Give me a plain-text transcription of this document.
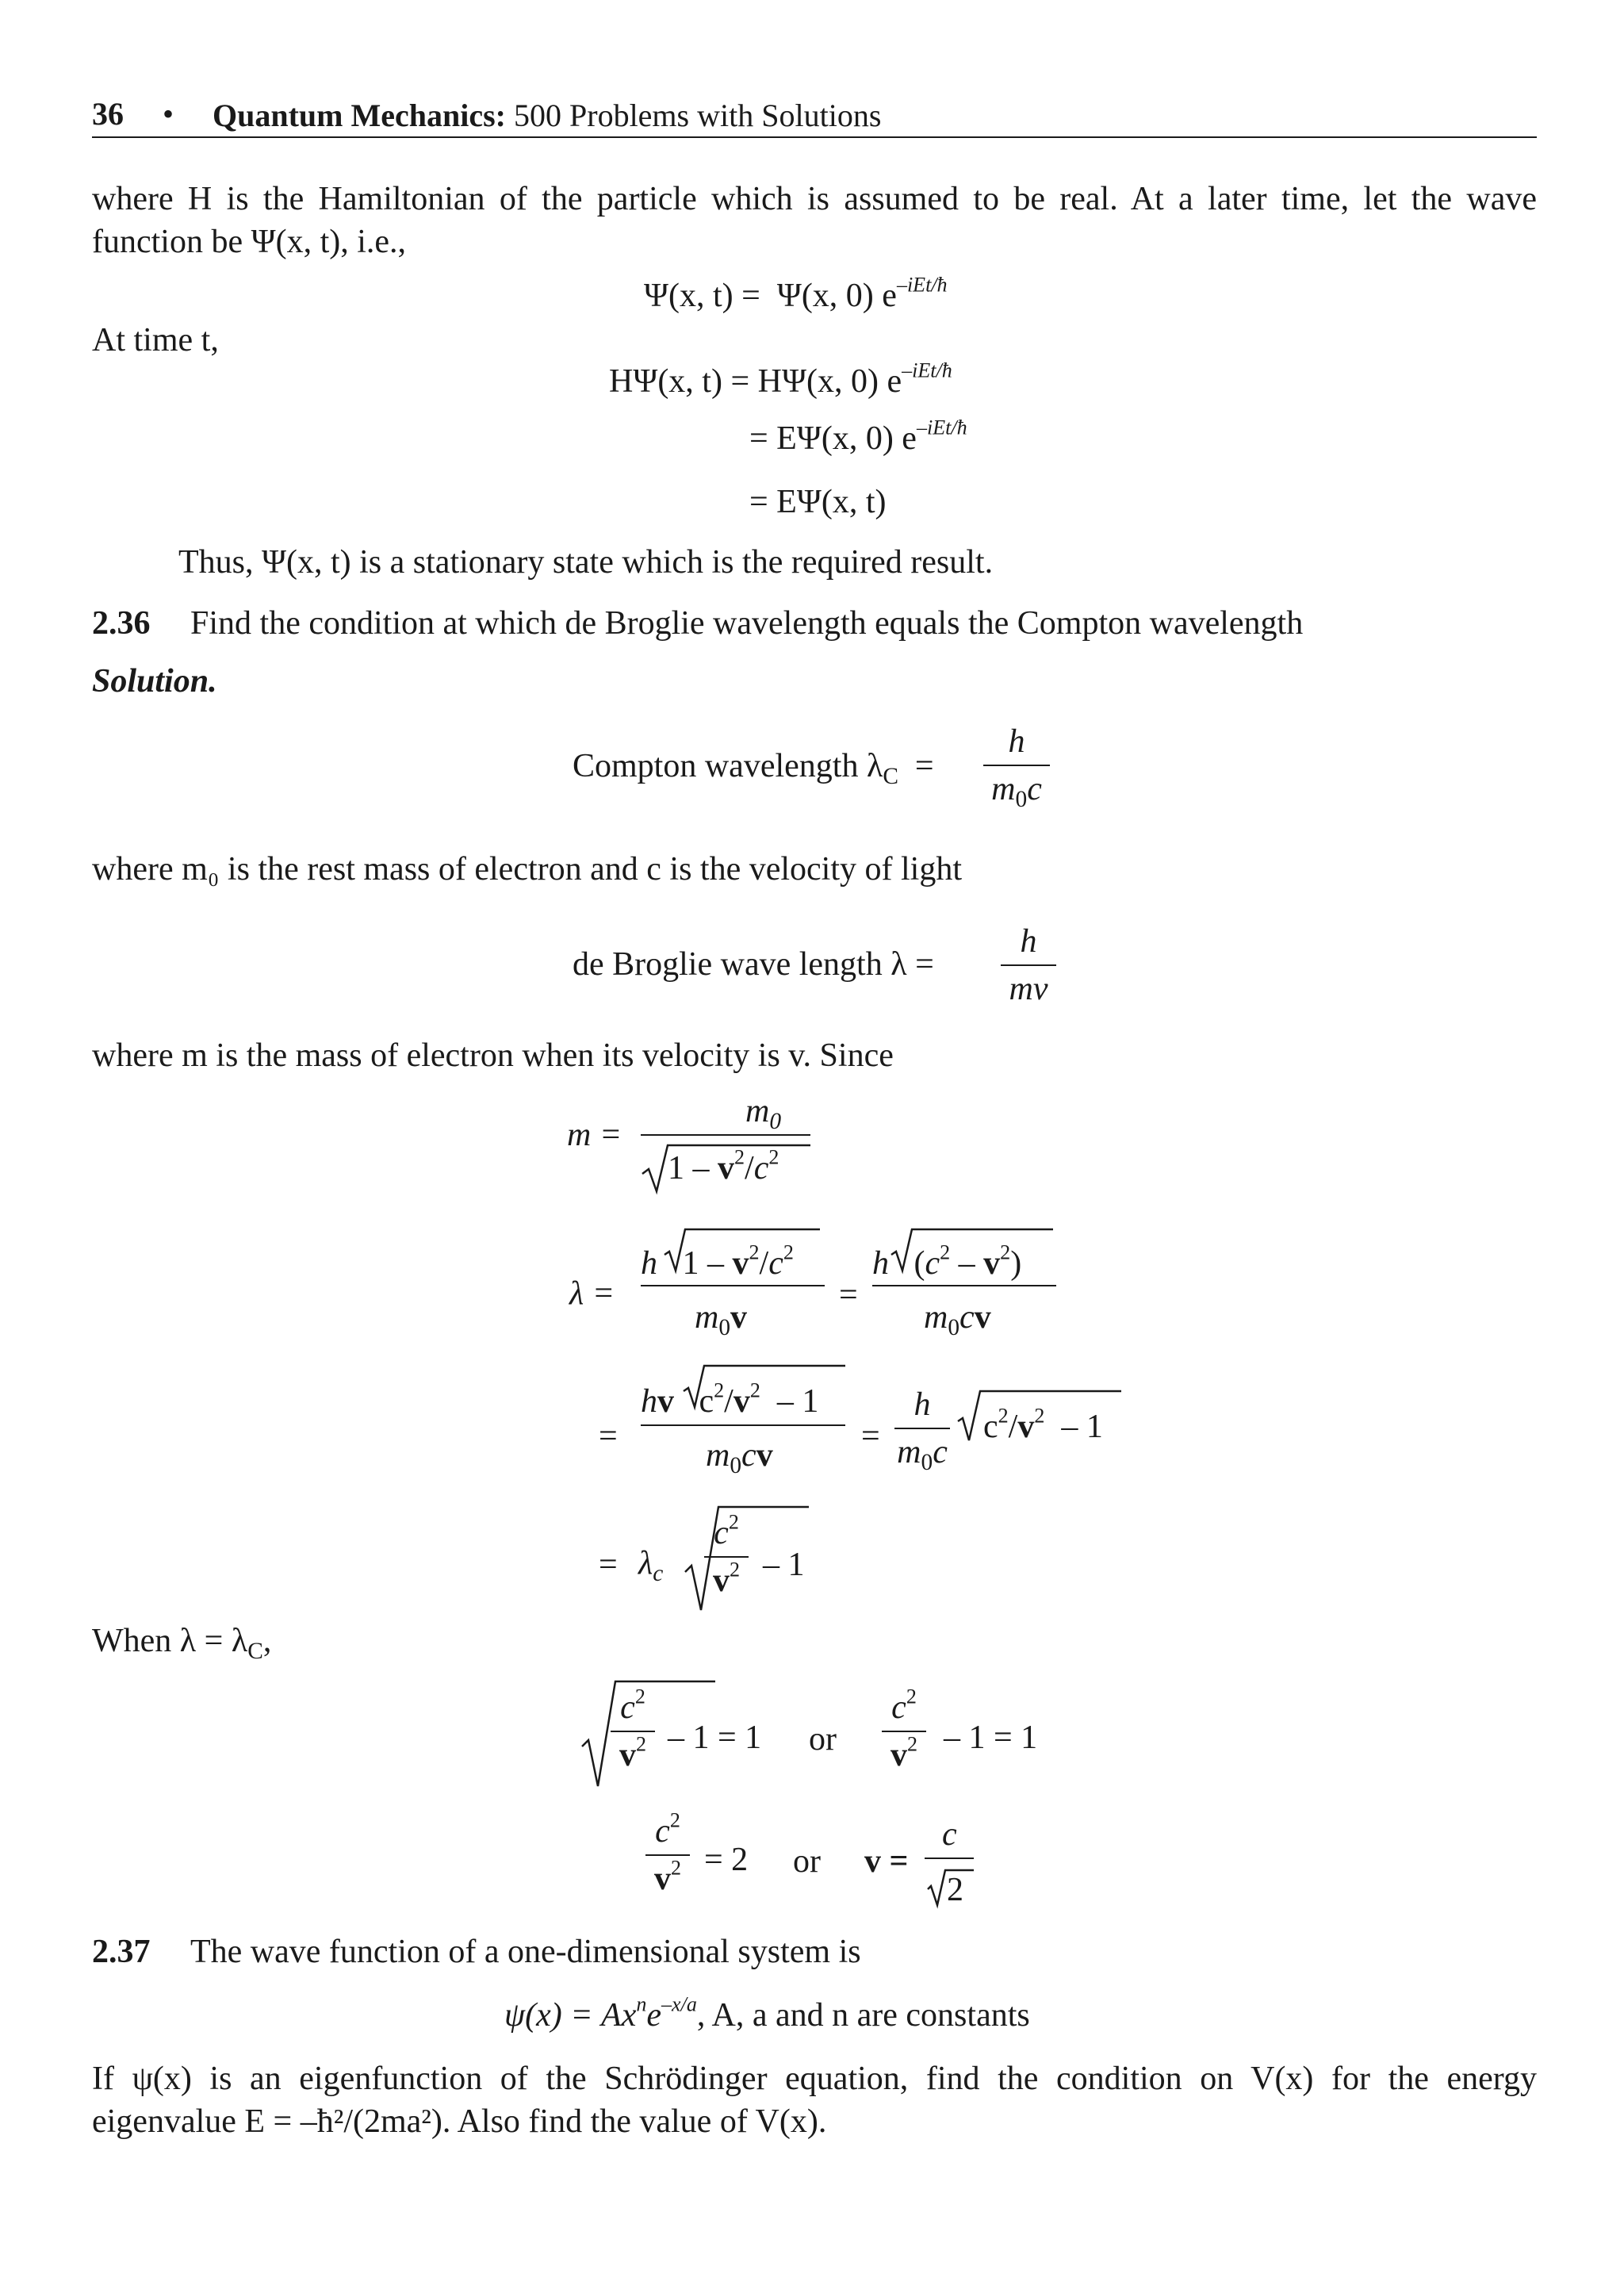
36 • Quantum Mechanics: 500 Problems with Solutions
where H is the Hamiltonian of the particle which is assumed to be real. At a later time, let the wave
function be Ψ(x, t), i.e.,
Ψ(x, t) = Ψ(x, 0) $e^{-iEt/ħ}$
At time t,
HΨ(x, t) = HΨ(x, 0) $e^{-iEt/ħ}$
= EΨ(x, 0) $e^{-iEt/ħ}$
= EΨ(x, t)
Thus, Ψ(x, t) is a stationary state which is the required result.
2.36 Find the condition at which de Broglie wavelength equals the Compton wavelength
Solution.
Compton wavelength $\lambda_C$ =
h
$m_0c$
where m₀ is the rest mass of electron and c is the velocity of light
de Broglie wave length λ =
h
mv
where m is the mass of electron when its velocity is v. Since
m =
$m_0$
$1 - v^2/c^2$
λ =
h   $1 - v^2/c^2$
$m_0v$
=
h   $(c^2 - v^2)$
$m_0cv$
=
hv   $c^2/v^2 - 1$
$m_0cv$
=
h
$m_0c$
$c^2/v^2 - 1$
= $\lambda_c$
$c^2$
$v^2 - 1$
When $\lambda = \lambda_C$,
$c^2$
$v^2 - 1 = 1$ or
$c^2$
$v^2 - 1 = 1$
$c^2$
$v^2 = 2$ or v =
c
2
2.37 The wave function of a one-dimensional system is
$\psi(x) = Ax^ne^{-x/a}$, A, a and n are constants
If ψ(x) is an eigenfunction of the Schrödinger equation, find the condition on V(x) for the energy
eigenvalue E = –ħ²/(2ma²). Also find the value of V(x).
